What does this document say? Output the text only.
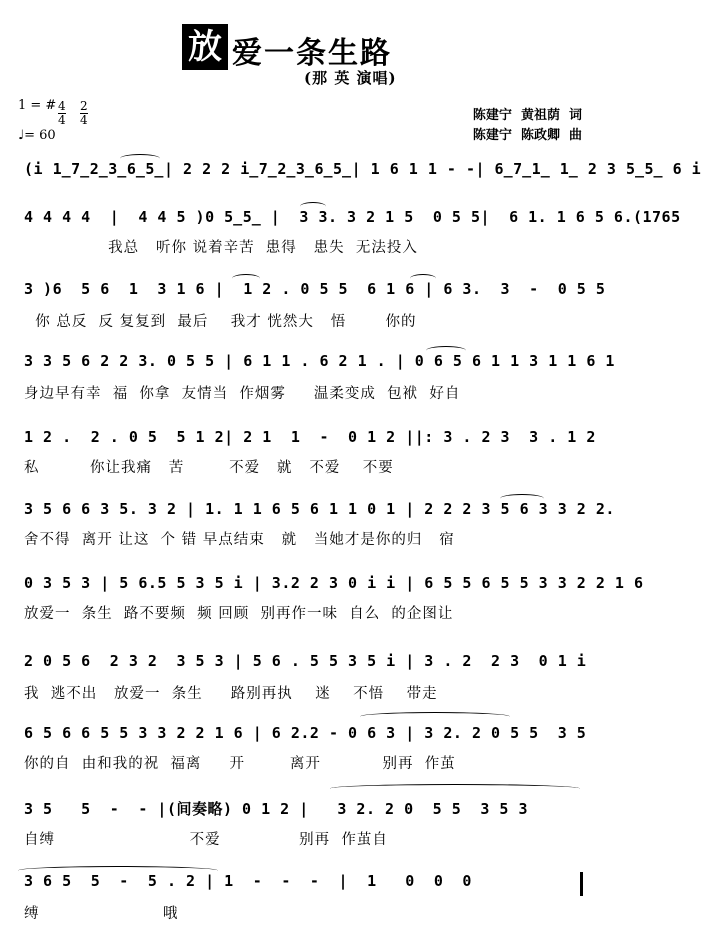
放 爱一条生路
(那 英 演唱)
1 = # $\frac{4}{4} \frac{2}{4}$
♩= 60
陈建宁  黄祖荫  词
陈建宁  陈政卿  曲
(i 1̲7̲2̲3̲6̲5̲| 2 2 2 i̲7̲2̲3̲6̲5̲| 1 6 1 1 - -| 6̲7̲1̲ 1̲ 2 3 5̲5̲ 6 i
4 4 4 4  |  4 4 5 )0 5̲5̲ |  3 3. 3 2 1 5  0 5 5|  6 1. 1 6 5 6.(1765
我总   听你 说着辛苦  患得   患失  无法投入
3 )6  5 6  1  3 1 6 |  1 2 . 0 5 5  6 1 6 | 6 3.  3  -  0 5 5
你 总反  反 复复到  最后    我才 恍然大   悟       你的
3 3 5 6 2 2 3. 0 5 5 | 6 1 1 . 6 2 1 . | 0 6 5 6 1 1 3 1 1 6 1
身边早有幸  福  你拿  友情当  作烟雾     温柔变成  包袱  好自
1 2 .  2 . 0 5  5 1 2| 2 1  1  -  0 1 2 ||: 3 . 2 3  3 . 1 2
私         你让我痛   苦        不爱   就   不爱    不要
3 5 6 6 3 5. 3 2 | 1. 1 1 6 5 6 1 1 0 1 | 2 2 2 3 5 6 3 3 2 2.
舍不得  离开 让这  个 错 早点结束   就   当她才是你的归   宿
0 3 5 3 | 5 6.5 5 3 5 i | 3.2 2 3 0 i i | 6 5 5 6 5 5 3 3 2 2 1 6
放爱一  条生  路不要频  频 回顾  别再作一味  自么  的企图让
2 0 5 6  2 3 2  3 5 3 | 5 6 . 5 5 3 5 i | 3 . 2  2 3  0 1 i
我  逃不出   放爱一  条生     路别再执    迷    不悟    带走
6 5 6 6 5 5 3 3 2 2 1 6 | 6 2.2 - 0 6 3 | 3 2. 2 0 5 5  3 5
你的自  由和我的祝  福离     开        离开           别再  作茧
3 5   5  -  - |(间奏略) 0 1 2 |   3 2. 2 0  5 5  3 5 3
自缚                        不爱              别再  作茧自
3 6 5  5  -  5 . 2 | 1  -  -  -  |  1   0  0  0
缚                      哦
